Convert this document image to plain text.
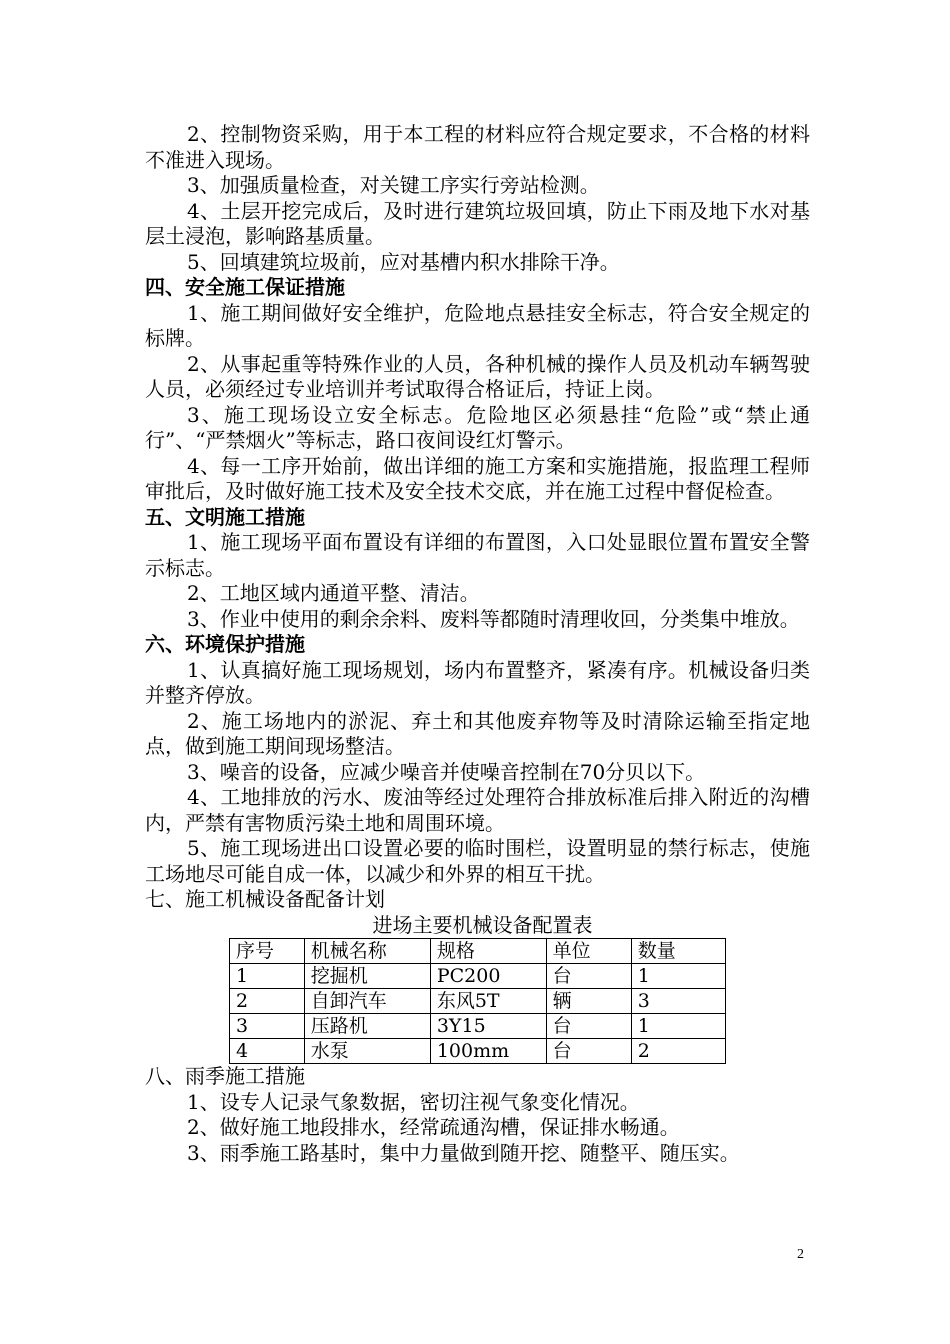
2、控制物资采购，用于本工程的材料应符合规定要求，不合格的材料不准进入现场。

3、加强质量检查，对关键工序实行旁站检测。

4、土层开挖完成后，及时进行建筑垃圾回填，防止下雨及地下水对基层土浸泡，影响路基质量。

5、回填建筑垃圾前，应对基槽内积水排除干净。

四、安全施工保证措施

1、施工期间做好安全维护，危险地点悬挂安全标志，符合安全规定的标牌。

2、从事起重等特殊作业的人员，各种机械的操作人员及机动车辆驾驶人员，必须经过专业培训并考试取得合格证后，持证上岗。

3、施工现场设立安全标志。危险地区必须悬挂“危险”或“禁止通行”、“严禁烟火”等标志，路口夜间设红灯警示。

4、每一工序开始前，做出详细的施工方案和实施措施，报监理工程师审批后，及时做好施工技术及安全技术交底，并在施工过程中督促检查。

五、文明施工措施

1、施工现场平面布置设有详细的布置图，入口处显眼位置布置安全警示标志。

2、工地区域内通道平整、清洁。

3、作业中使用的剩余余料、废料等都随时清理收回，分类集中堆放。

六、环境保护措施

1、认真搞好施工现场规划，场内布置整齐，紧凑有序。机械设备归类并整齐停放。

2、施工场地内的淤泥、弃土和其他废弃物等及时清除运输至指定地点，做到施工期间现场整洁。

3、噪音的设备，应减少噪音并使噪音控制在70分贝以下。

4、工地排放的污水、废油等经过处理符合排放标准后排入附近的沟槽内，严禁有害物质污染土地和周围环境。

5、施工现场进出口设置必要的临时围栏，设置明显的禁行标志，使施工场地尽可能自成一体，以减少和外界的相互干扰。

七、施工机械设备配备计划

进场主要机械设备配置表

序号	机械名称	规格	单位	数量
1	挖掘机	PC200	台	1
2	自卸汽车	东风5T	辆	3
3	压路机	3Y15	台	1
4	水泵	100mm	台	2

八、雨季施工措施

1、设专人记录气象数据，密切注视气象变化情况。

2、做好施工地段排水，经常疏通沟槽，保证排水畅通。

3、雨季施工路基时，集中力量做到随开挖、随整平、随压实。

2
